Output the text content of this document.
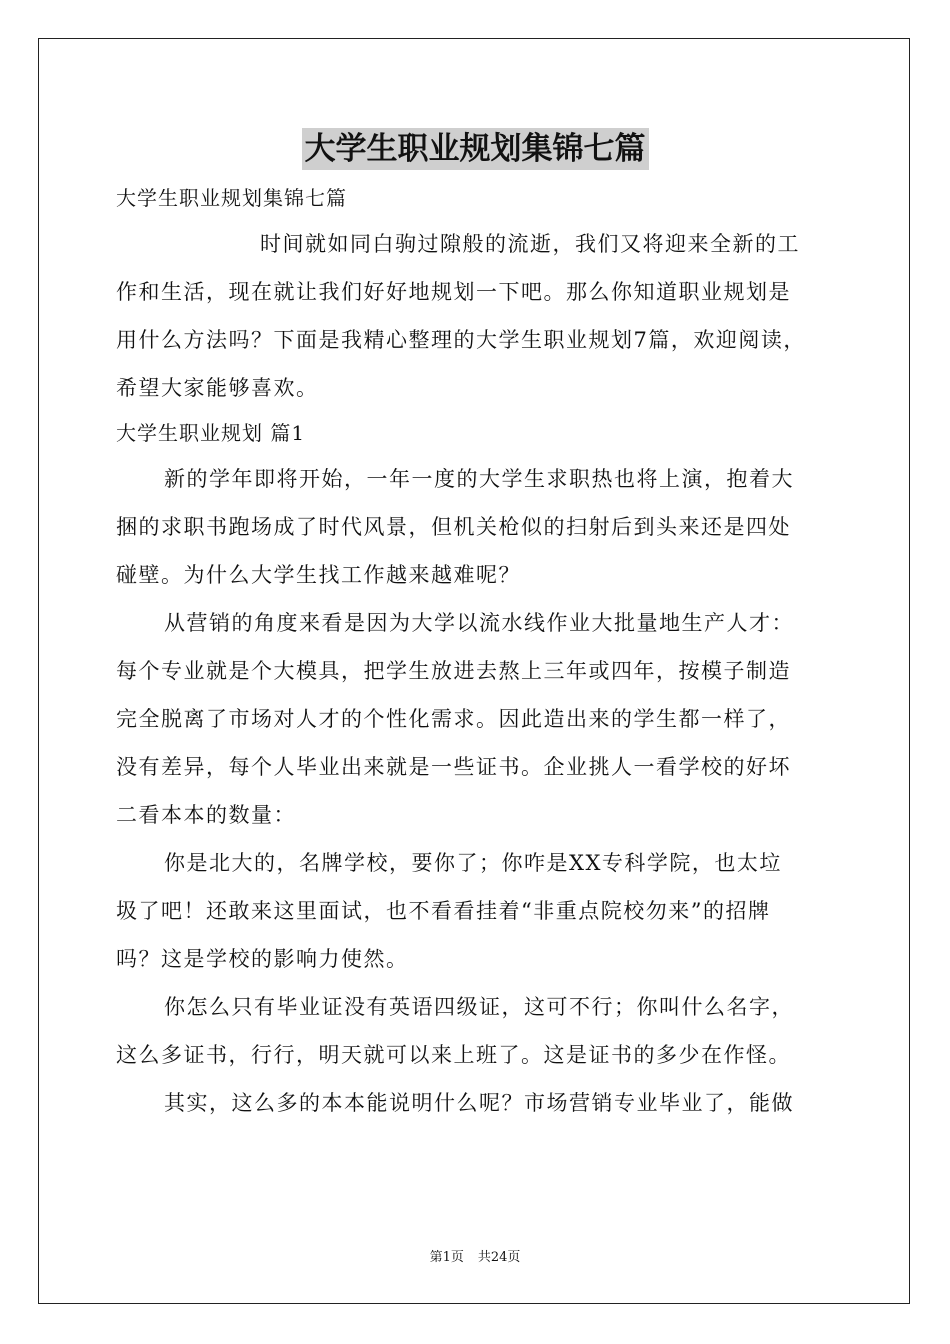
大学生职业规划集锦七篇
大学生职业规划集锦七篇
时间就如同白驹过隙般的流逝，我们又将迎来全新的工
作和生活，现在就让我们好好地规划一下吧。那么你知道职业规划是
用什么方法吗？下面是我精心整理的大学生职业规划7篇，欢迎阅读，
希望大家能够喜欢。
大学生职业规划 篇1
新的学年即将开始，一年一度的大学生求职热也将上演，抱着大
捆的求职书跑场成了时代风景，但机关枪似的扫射后到头来还是四处
碰壁。为什么大学生找工作越来越难呢？
从营销的角度来看是因为大学以流水线作业大批量地生产人才：
每个专业就是个大模具，把学生放进去熬上三年或四年，按模子制造
完全脱离了市场对人才的个性化需求。因此造出来的学生都一样了，
没有差异，每个人毕业出来就是一些证书。企业挑人一看学校的好坏
二看本本的数量：
你是北大的，名牌学校，要你了；你咋是XX专科学院，也太垃
圾了吧！还敢来这里面试，也不看看挂着“非重点院校勿来”的招牌
吗？这是学校的影响力使然。
你怎么只有毕业证没有英语四级证，这可不行；你叫什么名字，
这么多证书，行行，明天就可以来上班了。这是证书的多少在作怪。
其实，这么多的本本能说明什么呢？市场营销专业毕业了，能做
第1页 共24页
